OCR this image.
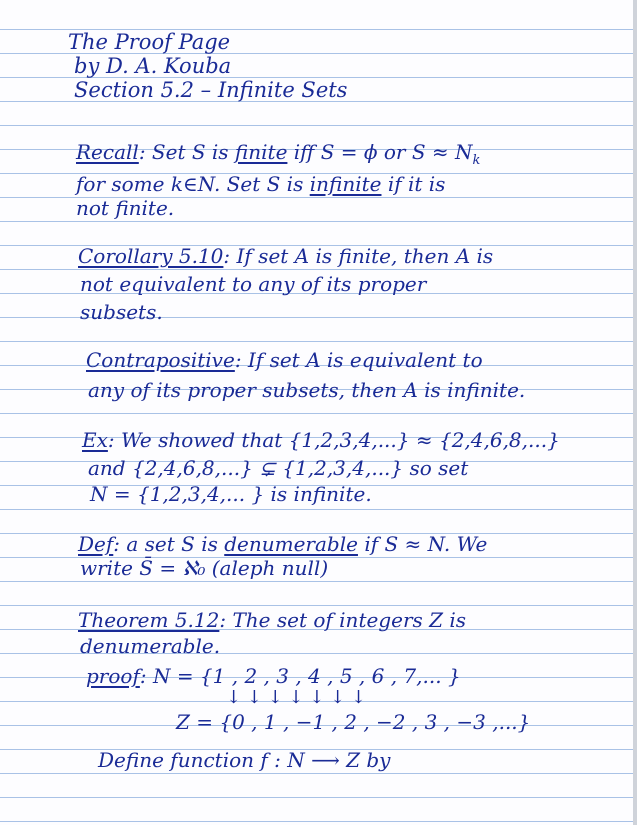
The Proof Page
by D. A. Kouba
Section 5.2 – Infinite Sets
Recall: Set S is finite iff S = ϕ or $S \approx N_k$
for some k∈N. Set S is infinite if it is
not finite.
Corollary 5.10: If set A is finite, then A is
not equivalent to any of its proper
subsets.
Contrapositive: If set A is equivalent to
any of its proper subsets, then A is infinite.
Ex: We showed that {1,2,3,4,...} ≈ {2,4,6,8,...}
and {2,4,6,8,...} ⊊ {1,2,3,4,...} so set
N = {1,2,3,4,... } is infinite.
Def: a set S is denumerable if S ≈ N. We
write S̄ = ℵ₀ (aleph null)
Theorem 5.12: The set of integers Z is
denumerable.
proof: N = {1 , 2 , 3 , 4 , 5 , 6 , 7,... }
↓ ↓ ↓ ↓ ↓ ↓ ↓
Z = {0 , 1 , −1 , 2 , −2 , 3 , −3 ,...}
Define function f : N ⟶ Z by
